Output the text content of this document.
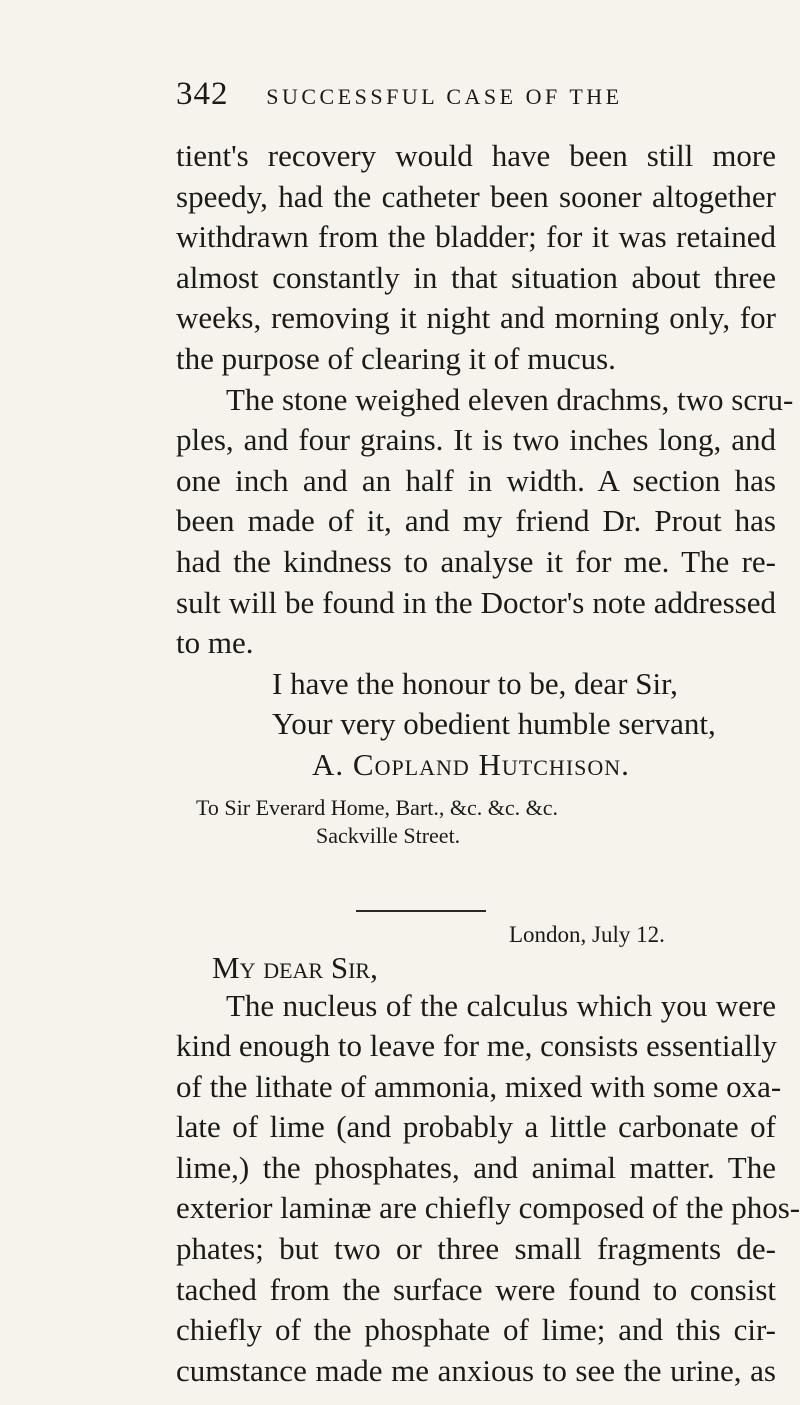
342 SUCCESSFUL CASE OF THE
tient's recovery would have been still more
speedy, had the catheter been sooner altogether
withdrawn from the bladder; for it was retained
almost constantly in that situation about three
weeks, removing it night and morning only, for
the purpose of clearing it of mucus.
The stone weighed eleven drachms, two scru-
ples, and four grains. It is two inches long, and
one inch and an half in width. A section has
been made of it, and my friend Dr. Prout has
had the kindness to analyse it for me. The re-
sult will be found in the Doctor's note addressed
to me.
I have the honour to be, dear Sir,
Your very obedient humble servant,
A. Copland Hutchison.
To Sir Everard Home, Bart., &c. &c. &c.
Sackville Street.
London, July 12.
My dear Sir,
The nucleus of the calculus which you were
kind enough to leave for me, consists essentially
of the lithate of ammonia, mixed with some oxa-
late of lime (and probably a little carbonate of
lime,) the phosphates, and animal matter. The
exterior laminæ are chiefly composed of the phos-
phates; but two or three small fragments de-
tached from the surface were found to consist
chiefly of the phosphate of lime; and this cir-
cumstance made me anxious to see the urine, as
